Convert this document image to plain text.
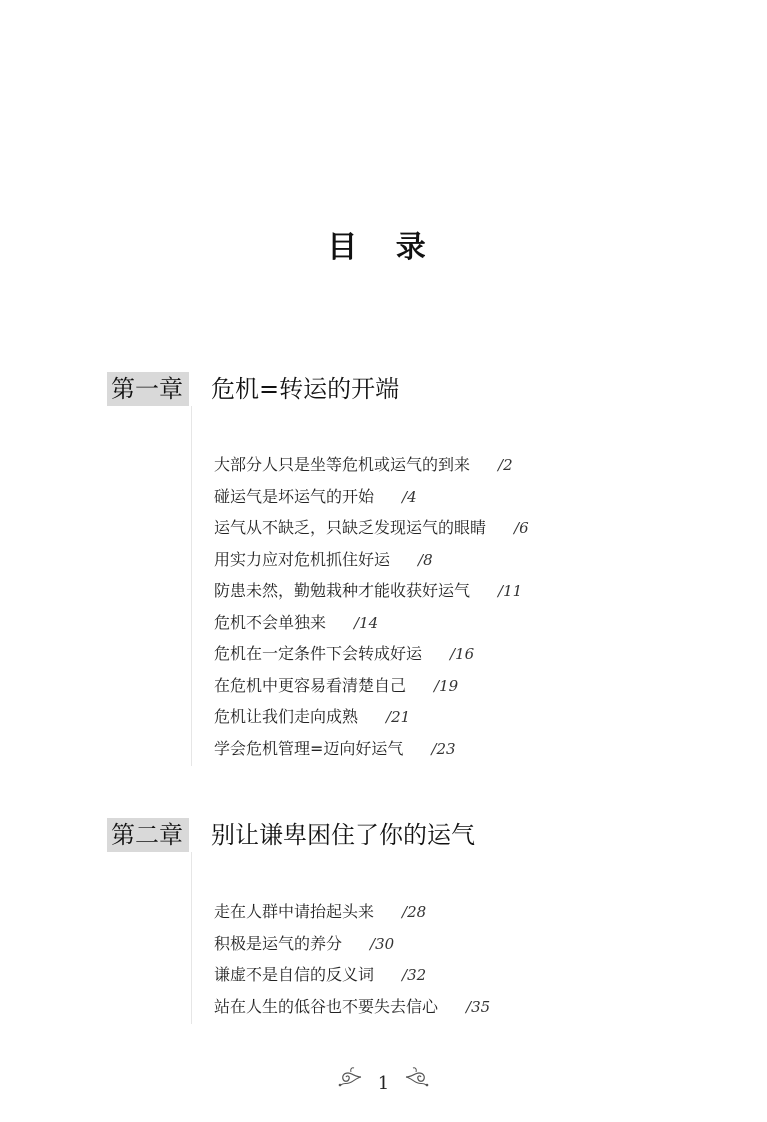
目 录
第一章 危机=转运的开端
大部分人只是坐等危机或运气的到来 /2
碰运气是坏运气的开始 /4
运气从不缺乏，只缺乏发现运气的眼睛 /6
用实力应对危机抓住好运 /8
防患未然，勤勉栽种才能收获好运气 /11
危机不会单独来 /14
危机在一定条件下会转成好运 /16
在危机中更容易看清楚自己 /19
危机让我们走向成熟 /21
学会危机管理=迈向好运气 /23
第二章 别让谦卑困住了你的运气
走在人群中请抬起头来 /28
积极是运气的养分 /30
谦虚不是自信的反义词 /32
站在人生的低谷也不要失去信心 /35
1
